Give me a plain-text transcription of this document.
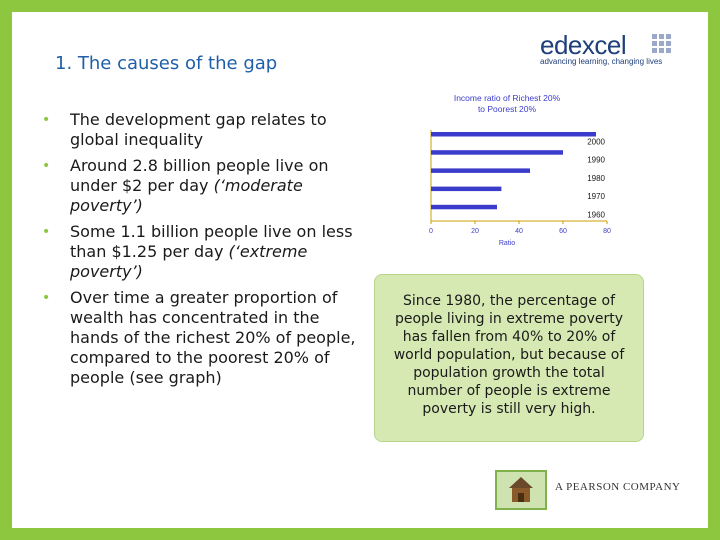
edexcel
advancing learning, changing lives
1. The causes of the gap
• The development gap relates to global inequality
• Around 2.8 billion people live on under $2 per day (‘moderate poverty’)
• Some 1.1 billion people live on less than $1.25 per day (‘extreme poverty’)
• Over time a greater proportion of wealth has concentrated in the hands of the richest 20% of people, compared to the poorest 20% of people (see graph)
Income ratio of Richest 20%
to Poorest 20%
2000
1990
1980
1970
1960
0	20	40	60	80
Ratio
Since 1980, the percentage of people living in extreme poverty has fallen from 40% to 20% of world population, but because of population growth the total number of people is extreme poverty is still very high.
A PEARSON COMPANY
